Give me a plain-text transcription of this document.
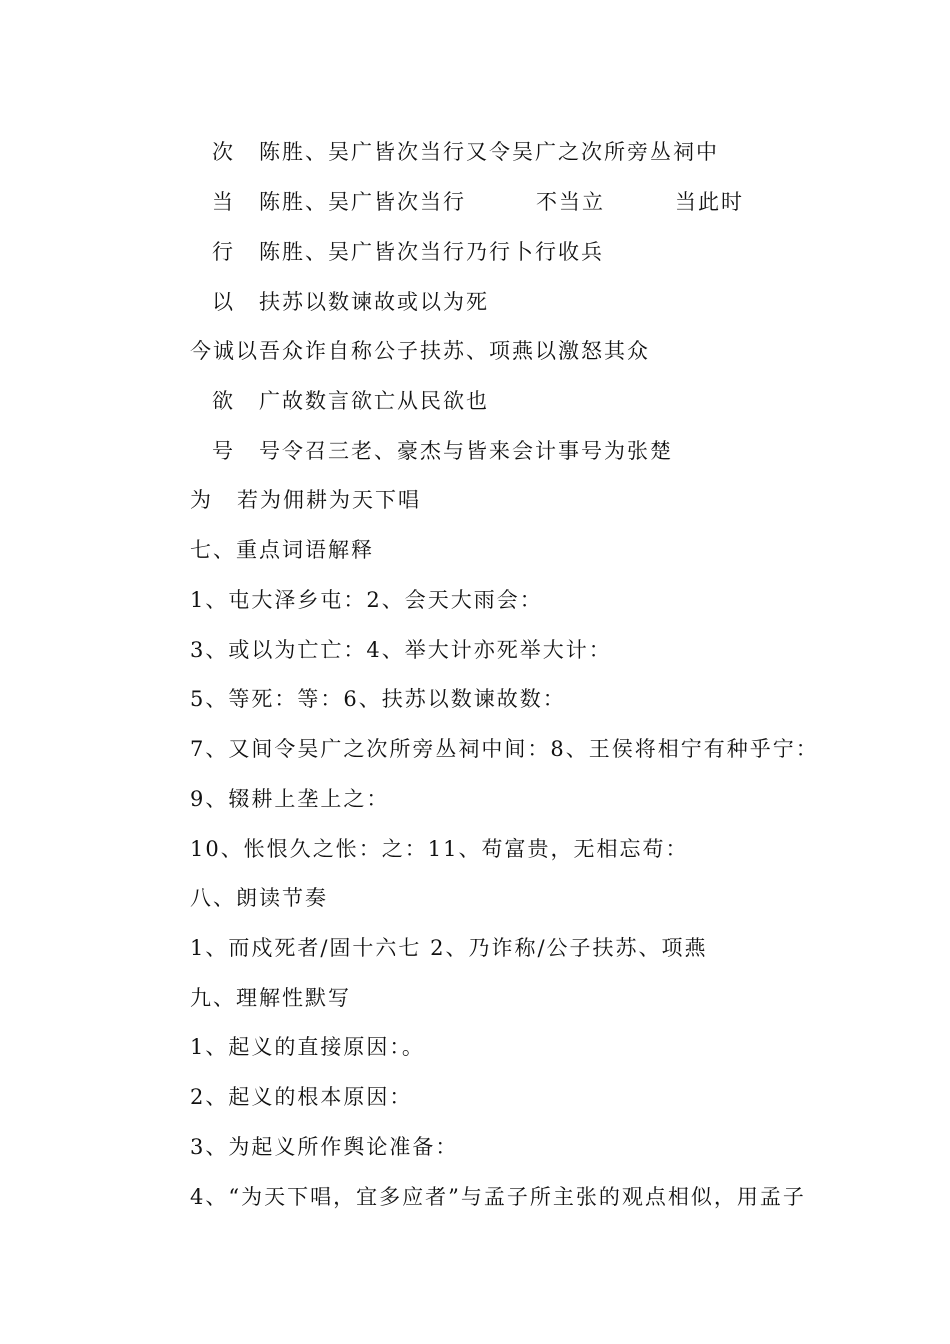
次 陈胜、吴广皆次当行又令吴广之次所旁丛祠中
当 陈胜、吴广皆次当行	不当立	当此时
行 陈胜、吴广皆次当行乃行卜行收兵
以 扶苏以数谏故或以为死
今诚以吾众诈自称公子扶苏、项燕以激怒其众
欲 广故数言欲亡从民欲也
号 号令召三老、豪杰与皆来会计事号为张楚
为 若为佣耕为天下唱
七、重点词语解释
1、屯大泽乡屯：2、会天大雨会：
3、或以为亡亡：4、举大计亦死举大计：
5、等死：等：6、扶苏以数谏故数：
7、又间令吴广之次所旁丛祠中间：8、王侯将相宁有种乎宁：
9、辍耕上垄上之：
10、怅恨久之怅：之：11、苟富贵，无相忘苟：
八、朗读节奏
1、而戍死者/固十六七 2、乃诈称/公子扶苏、项燕
九、理解性默写
1、起义的直接原因：。
2、起义的根本原因：
3、为起义所作舆论准备：
4、“为天下唱，宜多应者”与孟子所主张的观点相似，用孟子
